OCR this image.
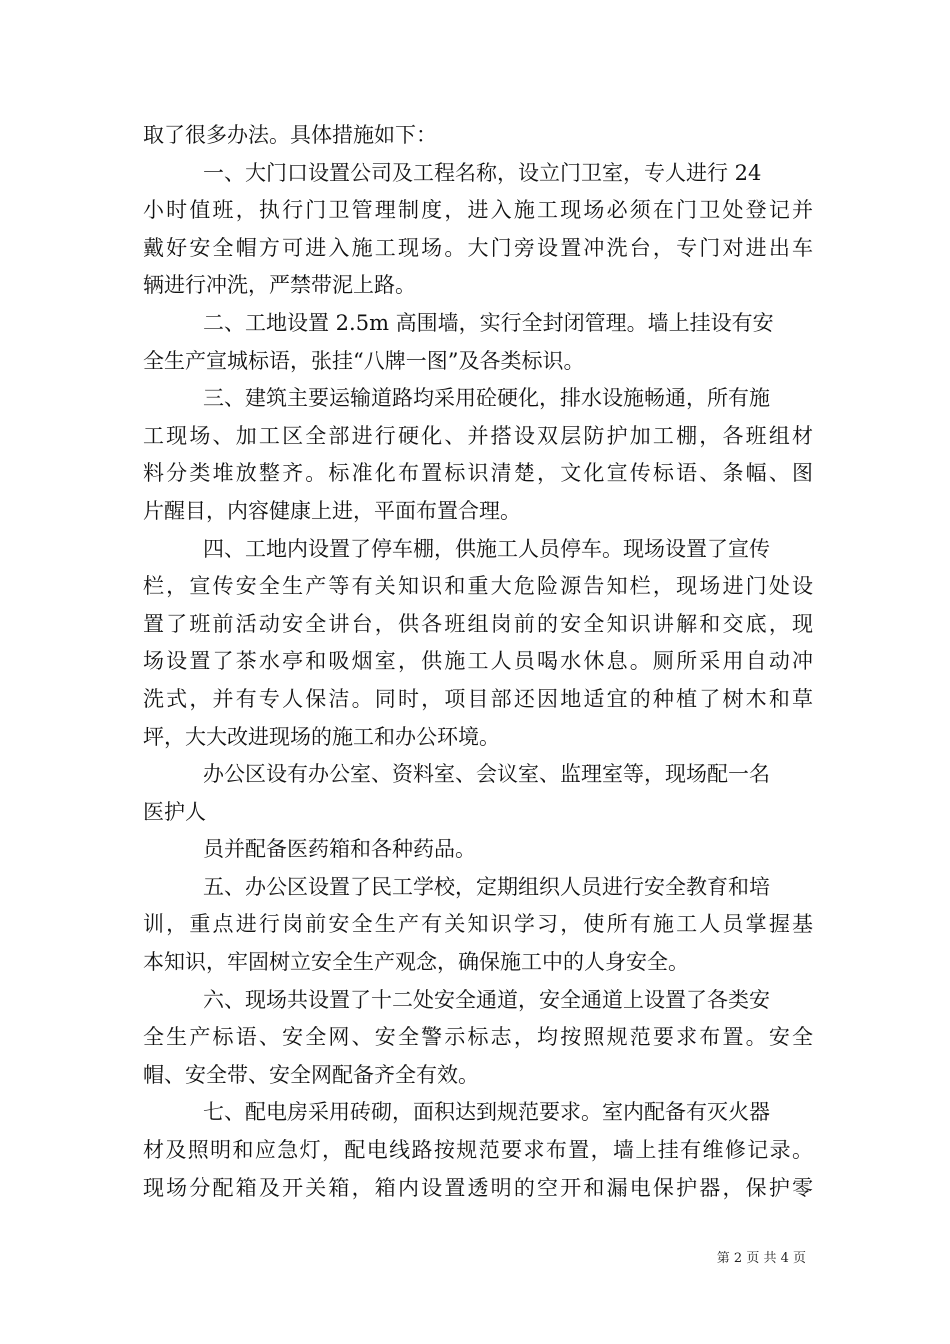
取了很多办法。具体措施如下：
一、大门口设置公司及工程名称，设立门卫室，专人进行 24
小时值班，执行门卫管理制度，进入施工现场必须在门卫处登记并
戴好安全帽方可进入施工现场。大门旁设置冲洗台，专门对进出车
辆进行冲洗，严禁带泥上路。
二、工地设置 2.5m 高围墙，实行全封闭管理。墙上挂设有安
全生产宣城标语，张挂“八牌一图”及各类标识。
三、建筑主要运输道路均采用砼硬化，排水设施畅通，所有施
工现场、加工区全部进行硬化、并搭设双层防护加工棚，各班组材
料分类堆放整齐。标准化布置标识清楚，文化宣传标语、条幅、图
片醒目，内容健康上进，平面布置合理。
四、工地内设置了停车棚，供施工人员停车。现场设置了宣传
栏，宣传安全生产等有关知识和重大危险源告知栏，现场进门处设
置了班前活动安全讲台，供各班组岗前的安全知识讲解和交底，现
场设置了茶水亭和吸烟室，供施工人员喝水休息。厕所采用自动冲
洗式，并有专人保洁。同时，项目部还因地适宜的种植了树木和草
坪，大大改进现场的施工和办公环境。
办公区设有办公室、资料室、会议室、监理室等，现场配一名
医护人
员并配备医药箱和各种药品。
五、办公区设置了民工学校，定期组织人员进行安全教育和培
训，重点进行岗前安全生产有关知识学习，使所有施工人员掌握基
本知识，牢固树立安全生产观念，确保施工中的人身安全。
六、现场共设置了十二处安全通道，安全通道上设置了各类安
全生产标语、安全网、安全警示标志，均按照规范要求布置。安全
帽、安全带、安全网配备齐全有效。
七、配电房采用砖砌，面积达到规范要求。室内配备有灭火器
材及照明和应急灯，配电线路按规范要求布置，墙上挂有维修记录。
现场分配箱及开关箱，箱内设置透明的空开和漏电保护器，保护零
第 2 页 共 4 页
